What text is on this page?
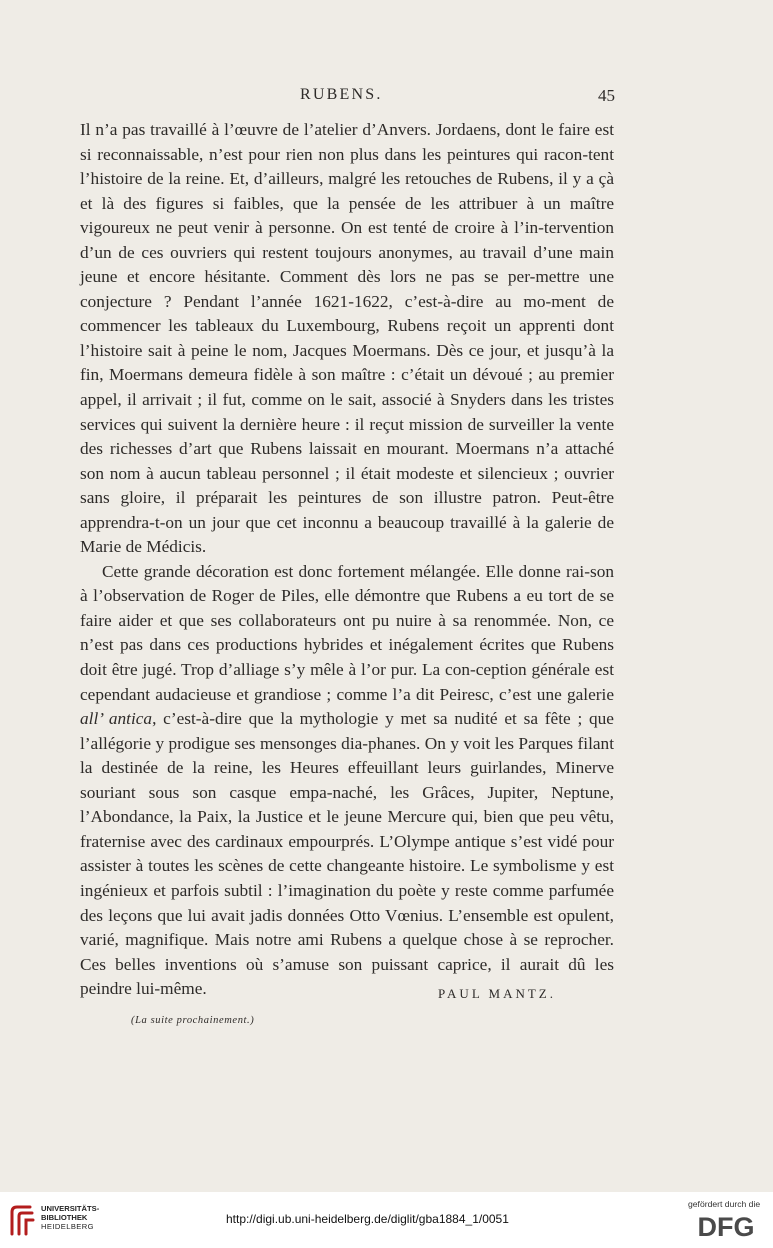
RUBENS.	45

Il n’a pas travaillé à l’œuvre de l’atelier d’Anvers. Jordaens, dont le faire est si reconnaissable, n’est pour rien non plus dans les peintures qui racon-tent l’histoire de la reine. Et, d’ailleurs, malgré les retouches de Rubens, il y a çà et là des figures si faibles, que la pensée de les attribuer à un maître vigoureux ne peut venir à personne. On est tenté de croire à l’in-tervention d’un de ces ouvriers qui restent toujours anonymes, au travail d’une main jeune et encore hésitante. Comment dès lors ne pas se per-mettre une conjecture ? Pendant l’année 1621-1622, c’est-à-dire au mo-ment de commencer les tableaux du Luxembourg, Rubens reçoit un apprenti dont l’histoire sait à peine le nom, Jacques Moermans. Dès ce jour, et jusqu’à la fin, Moermans demeura fidèle à son maître : c’était un dévoué ; au premier appel, il arrivait ; il fut, comme on le sait, associé à Snyders dans les tristes services qui suivent la dernière heure : il reçut mission de surveiller la vente des richesses d’art que Rubens laissait en mourant. Moermans n’a attaché son nom à aucun tableau personnel ; il était modeste et silencieux ; ouvrier sans gloire, il préparait les peintures de son illustre patron. Peut-être apprendra-t-on un jour que cet inconnu a beaucoup travaillé à la galerie de Marie de Médicis.

Cette grande décoration est donc fortement mélangée. Elle donne rai-son à l’observation de Roger de Piles, elle démontre que Rubens a eu tort de se faire aider et que ses collaborateurs ont pu nuire à sa renommée. Non, ce n’est pas dans ces productions hybrides et inégalement écrites que Rubens doit être jugé. Trop d’alliage s’y mêle à l’or pur. La con-ception générale est cependant audacieuse et grandiose ; comme l’a dit Peiresc, c’est une galerie all’ antica, c’est-à-dire que la mythologie y met sa nudité et sa fête ; que l’allégorie y prodigue ses mensonges dia-phanes. On y voit les Parques filant la destinée de la reine, les Heures effeuillant leurs guirlandes, Minerve souriant sous son casque empa-naché, les Grâces, Jupiter, Neptune, l’Abondance, la Paix, la Justice et le jeune Mercure qui, bien que peu vêtu, fraternise avec des cardinaux empourprés. L’Olympe antique s’est vidé pour assister à toutes les scènes de cette changeante histoire. Le symbolisme y est ingénieux et parfois subtil : l’imagination du poète y reste comme parfumée des leçons que lui avait jadis données Otto Vœnius. L’ensemble est opulent, varié, magnifique. Mais notre ami Rubens a quelque chose à se reprocher. Ces belles inventions où s’amuse son puissant caprice, il aurait dû les peindre lui-même.	PAUL MANTZ.
(La suite prochainement.)
UNIVERSITÄTS-
BIBLIOTHEK
HEIDELBERG
http://digi.ub.uni-heidelberg.de/diglit/gba1884_1/0051
gefördert durch die
DFG
